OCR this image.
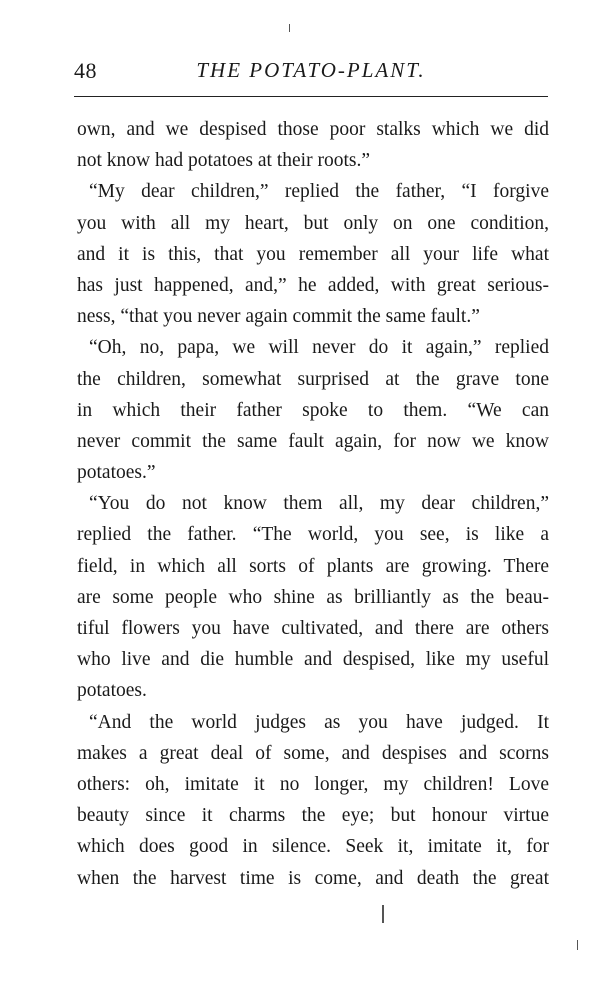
48	THE POTATO-PLANT.
own, and we despised those poor stalks which we did
not know had potatoes at their roots.”
“My dear children,” replied the father, “I forgive
you with all my heart, but only on one condition,
and it is this, that you remember all your life what
has just happened, and,” he added, with great serious-
ness, “that you never again commit the same fault.”
“Oh, no, papa, we will never do it again,” replied
the children, somewhat surprised at the grave tone
in which their father spoke to them. “We can
never commit the same fault again, for now we know
potatoes.”
“You do not know them all, my dear children,”
replied the father. “The world, you see, is like a
field, in which all sorts of plants are growing. There
are some people who shine as brilliantly as the beau-
tiful flowers you have cultivated, and there are others
who live and die humble and despised, like my useful
potatoes.
“And the world judges as you have judged. It
makes a great deal of some, and despises and scorns
others: oh, imitate it no longer, my children! Love
beauty since it charms the eye; but honour virtue
which does good in silence. Seek it, imitate it, for
when the harvest time is come, and death the great
